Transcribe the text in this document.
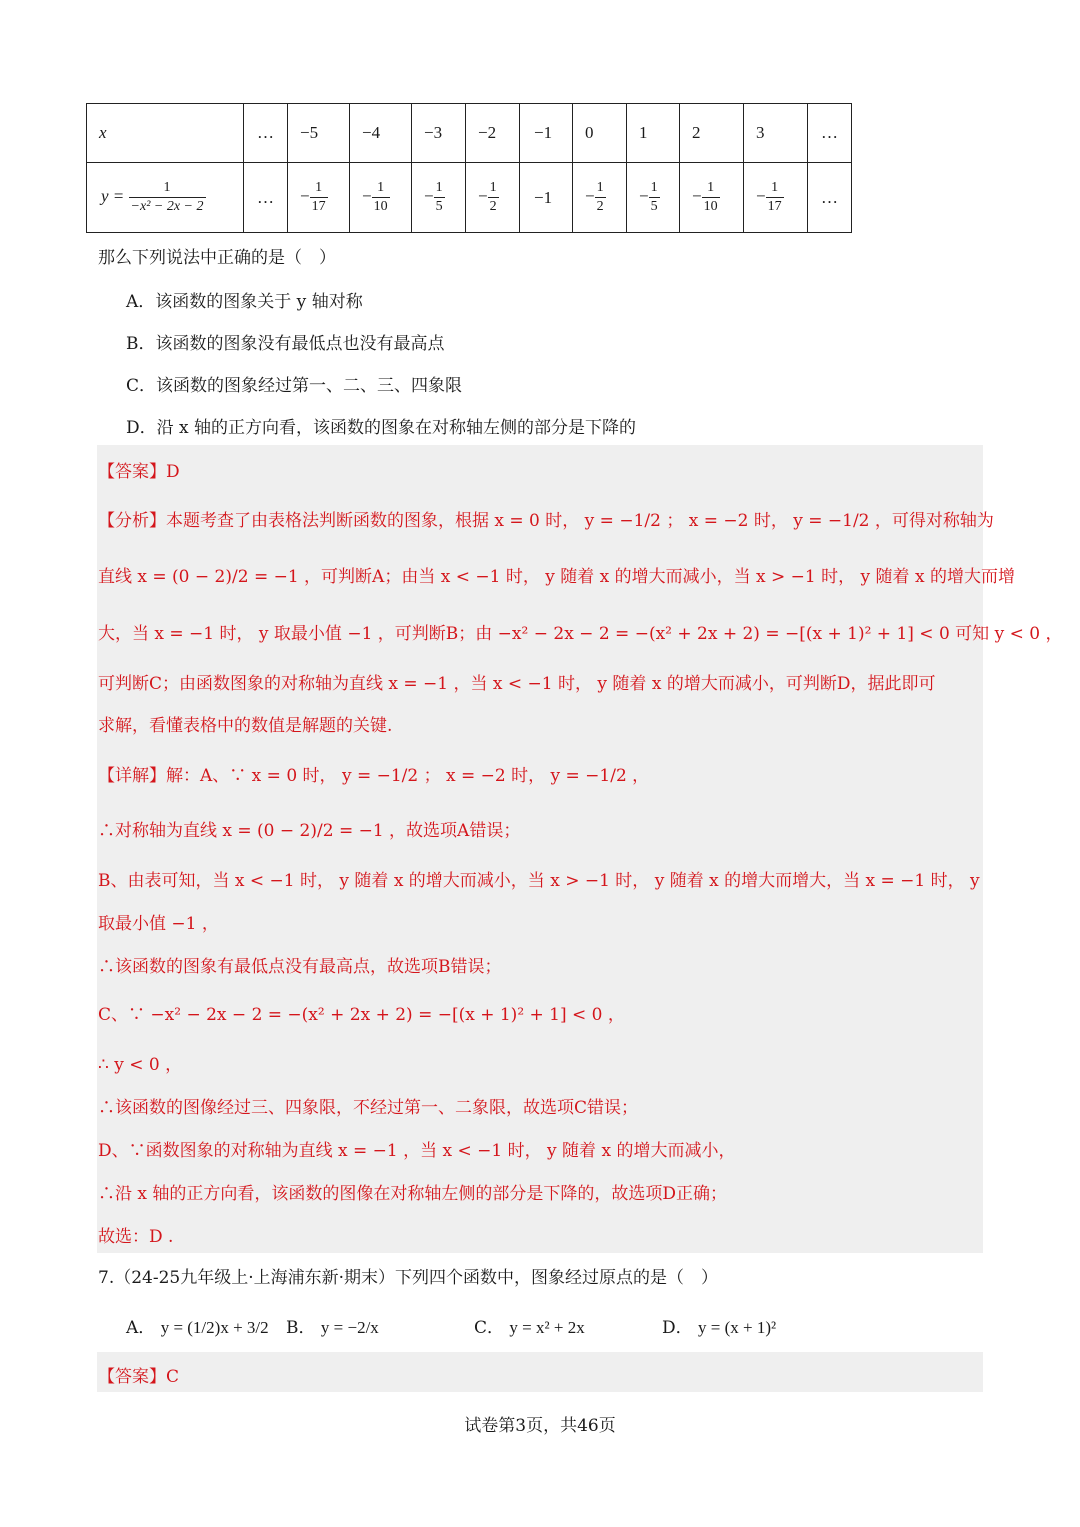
x	…	−5	−4	−3	−2	−1	0	1	2	3	…
$y = \frac{1}{\text{−x² − 2x − 2}}$	…	− $\frac{1}{17}$	− $\frac{1}{10}$	− $\frac{1}{5}$	− $\frac{1}{2}$	−1	− $\frac{1}{2}$	− $\frac{1}{5}$	− $\frac{1}{10}$	− $\frac{1}{17}$	…
那么下列说法中正确的是（　）
A．该函数的图象关于 y 轴对称
B．该函数的图象没有最低点也没有最高点
C．该函数的图象经过第一、二、三、四象限
D．沿 x 轴的正方向看，该函数的图象在对称轴左侧的部分是下降的
【答案】D
【分析】本题考查了由表格法判断函数的图象，根据 x = 0 时， y = −1/2 ； x = −2 时， y = −1/2 ，可得对称轴为
直线 x = (0 − 2)/2 = −1 ，可判断A；由当 x < −1 时， y 随着 x 的增大而减小，当 x > −1 时， y 随着 x 的增大而增
大，当 x = −1 时， y 取最小值 −1 ，可判断B；由 −x² − 2x − 2 = −(x² + 2x + 2) = −[(x + 1)² + 1] < 0 可知 y < 0 ，
可判断C；由函数图象的对称轴为直线 x = −1 ，当 x < −1 时， y 随着 x 的增大而减小，可判断D，据此即可
求解，看懂表格中的数值是解题的关键.
【详解】解：A、∵ x = 0 时， y = −1/2 ； x = −2 时， y = −1/2 ，
∴对称轴为直线 x = (0 − 2)/2 = −1 ，故选项A错误；
B、由表可知，当 x < −1 时， y 随着 x 的增大而减小，当 x > −1 时， y 随着 x 的增大而增大，当 x = −1 时， y
取最小值 −1 ，
∴该函数的图象有最低点没有最高点，故选项B错误；
C、∵ −x² − 2x − 2 = −(x² + 2x + 2) = −[(x + 1)² + 1] < 0 ，
∴ y < 0 ，
∴该函数的图像经过三、四象限，不经过第一、二象限，故选项C错误；
D、∵函数图象的对称轴为直线 x = −1 ，当 x < −1 时， y 随着 x 的增大而减小，
∴沿 x 轴的正方向看，该函数的图像在对称轴左侧的部分是下降的，故选项D正确；
故选：D .
7.（24-25九年级上·上海浦东新·期末）下列四个函数中，图象经过原点的是（　）
A． y = (1/2)x + 3/2 B． y = −2/x	C． y = x² + 2x	D． y = (x + 1)²
【答案】C
试卷第3页，共46页
